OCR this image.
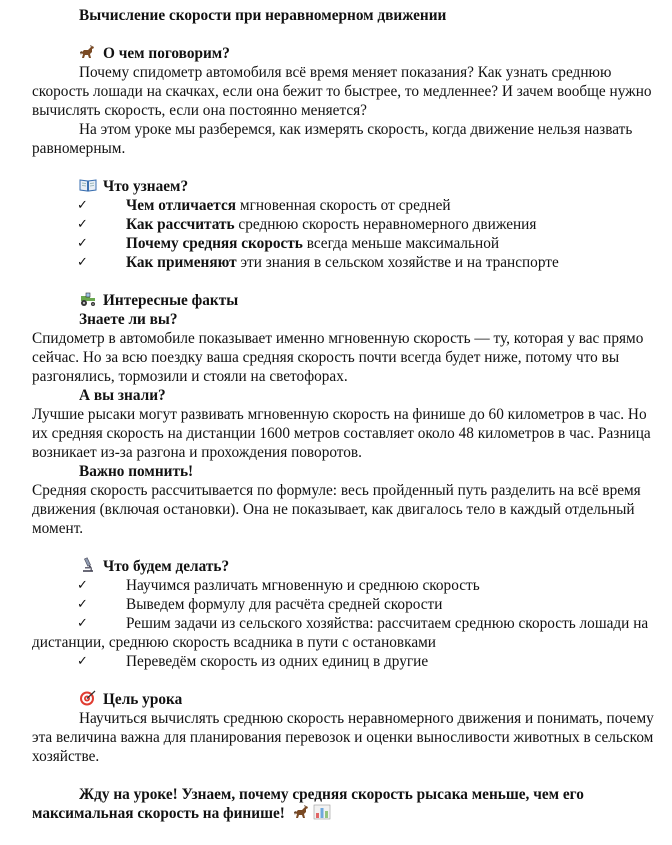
Вычисление скорости при неравномерном движении

О чем поговорим?

Почему спидометр автомобиля всё время меняет показания? Как узнать среднюю скорость лошади на скачках, если она бежит то быстрее, то медленнее? И зачем вообще нужно вычислять скорость, если она постоянно меняется?

На этом уроке мы разберемся, как измерять скорость, когда движение нельзя назвать равномерным.

Что узнаем?

✓ Чем отличается мгновенная скорость от средней

✓ Как рассчитать среднюю скорость неравномерного движения

✓ Почему средняя скорость всегда меньше максимальной

✓ Как применяют эти знания в сельском хозяйстве и на транспорте

Интересные факты

Знаете ли вы?

Спидометр в автомобиле показывает именно мгновенную скорость — ту, которая у вас прямо сейчас. Но за всю поездку ваша средняя скорость почти всегда будет ниже, потому что вы разгонялись, тормозили и стояли на светофорах.

А вы знали?

Лучшие рысаки могут развивать мгновенную скорость на финише до 60 километров в час. Но их средняя скорость на дистанции 1600 метров составляет около 48 километров в час. Разница возникает из-за разгона и прохождения поворотов.

Важно помнить!

Средняя скорость рассчитывается по формуле: весь пройденный путь разделить на всё время движения (включая остановки). Она не показывает, как двигалось тело в каждый отдельный момент.

Что будем делать?

✓ Научимся различать мгновенную и среднюю скорость

✓ Выведем формулу для расчёта средней скорости

✓ Решим задачи из сельского хозяйства: рассчитаем среднюю скорость лошади на дистанции, среднюю скорость всадника в пути с остановками

✓ Переведём скорость из одних единиц в другие

Цель урока

Научиться вычислять среднюю скорость неравномерного движения и понимать, почему эта величина важна для планирования перевозок и оценки выносливости животных в сельском хозяйстве.

Жду на уроке! Узнаем, почему средняя скорость рысака меньше, чем его максимальная скорость на финише!
